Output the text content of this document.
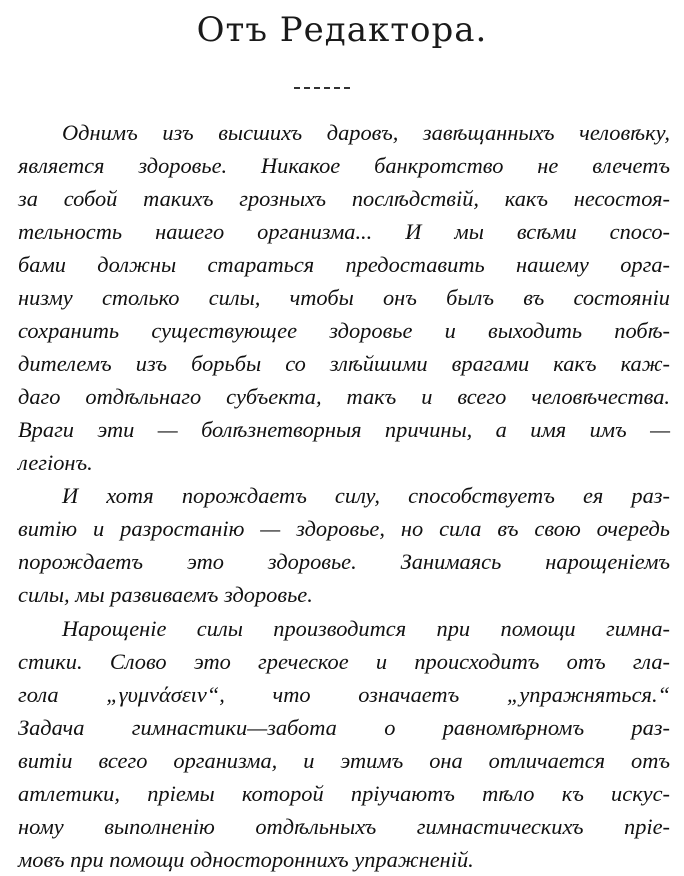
Отъ Редактора.
Однимъ изъ высшихъ даровъ, завѣщанныхъ человѣку,
является здоровье. Никакое банкротство не влечетъ
за собой такихъ грозныхъ послѣдствій, какъ несостоя-
тельность нашего организма... И мы всѣми спосо-
бами должны стараться предоставить нашему орга-
низму столько силы, чтобы онъ былъ въ состояніи
сохранить существующее здоровье и выходить побѣ-
дителемъ изъ борьбы со злѣйшими врагами какъ каж-
даго отдѣльнаго субъекта, такъ и всего человѣчества.
Враги эти — болѣзнетворныя причины, а имя имъ —
легіонъ.
И хотя порождаетъ силу, способствуетъ ея раз-
витію и разростанію — здоровье, но сила въ свою очередь
порождаетъ это здоровье. Занимаясь нарощеніемъ
силы, мы развиваемъ здоровье.
Нарощеніе силы производится при помощи гимна-
стики. Слово это греческое и происходитъ отъ гла-
гола „γυμνάσειν“, что означаетъ „упражняться.“
Задача гимнастики—забота о равномѣрномъ раз-
витіи всего организма, и этимъ она отличается отъ
атлетики, пріемы которой пріучаютъ тѣло къ искус-
ному выполненію отдѣльныхъ гимнастическихъ пріе-
мовъ при помощи одностороннихъ упражненій.
